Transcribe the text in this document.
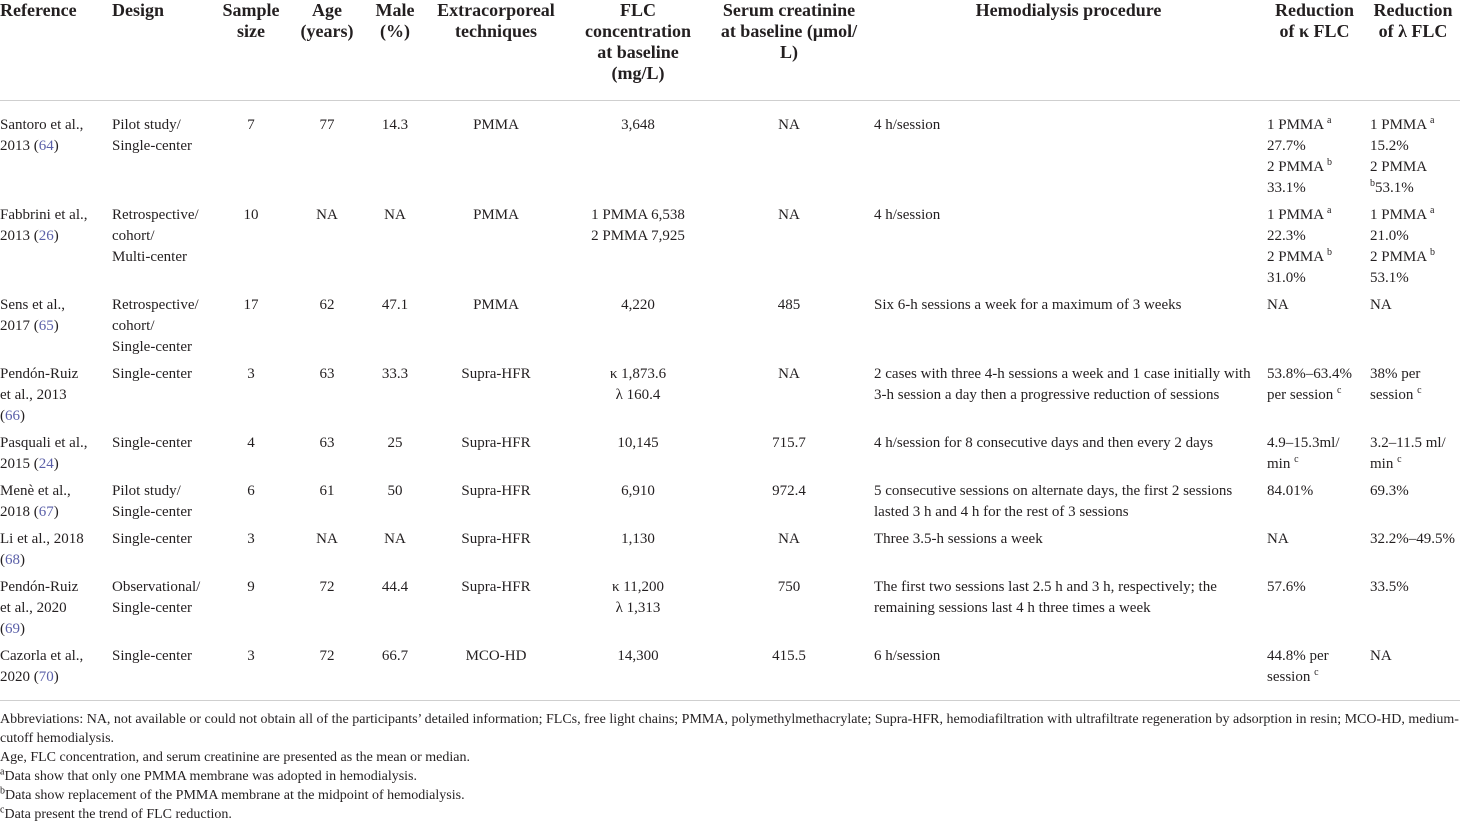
Reference	Design	Sample
size	Age
(years)	Male
(%)	Extracorporeal
techniques	FLC
concentration
at baseline
(mg/L)	Serum creatinine
at baseline (µmol/
L)	Hemodialysis procedure	Reduction
of κ FLC	Reduction
of λ FLC

Santoro et al.,
2013 (64)	Pilot study/
Single-center	7	77	14.3	PMMA	3,648	NA	4 h/session	1 PMMA $^a$
27.7%
2 PMMA $^b$
33.1%	1 PMMA $^a$
15.2%
2 PMMA
$^b$53.1%

Fabbrini et al.,
2013 (26)	Retrospective/
cohort/
Multi-center	10	NA	NA	PMMA	1 PMMA 6,538
2 PMMA 7,925	NA	4 h/session	1 PMMA $^a$
22.3%
2 PMMA $^b$
31.0%	1 PMMA $^a$
21.0%
2 PMMA $^b$
53.1%

Sens et al.,
2017 (65)	Retrospective/
cohort/
Single-center	17	62	47.1	PMMA	4,220	485	Six 6-h sessions a week for a maximum of 3 weeks	NA	NA

Pendón-Ruiz
et al., 2013
(66)	Single-center	3	63	33.3	Supra-HFR	κ 1,873.6
λ 160.4	NA	2 cases with three 4-h sessions a week and 1 case initially with 3-h session a day then a progressive reduction of sessions	53.8%–63.4%
per session $^c$	38% per
session $^c$

Pasquali et al.,
2015 (24)	Single-center	4	63	25	Supra-HFR	10,145	715.7	4 h/session for 8 consecutive days and then every 2 days	4.9–15.3ml/
min $^c$	3.2–11.5 ml/
min $^c$

Menè et al.,
2018 (67)	Pilot study/
Single-center	6	61	50	Supra-HFR	6,910	972.4	5 consecutive sessions on alternate days, the first 2 sessions lasted 3 h and 4 h for the rest of 3 sessions	84.01%	69.3%

Li et al., 2018
(68)	Single-center	3	NA	NA	Supra-HFR	1,130	NA	Three 3.5-h sessions a week	NA	32.2%–49.5%

Pendón-Ruiz
et al., 2020
(69)	Observational/
Single-center	9	72	44.4	Supra-HFR	κ 11,200
λ 1,313	750	The first two sessions last 2.5 h and 3 h, respectively; the remaining sessions last 4 h three times a week	57.6%	33.5%

Cazorla et al.,
2020 (70)	Single-center	3	72	66.7	MCO-HD	14,300	415.5	6 h/session	44.8% per
session $^c$	NA

Abbreviations: NA, not available or could not obtain all of the participants’ detailed information; FLCs, free light chains; PMMA, polymethylmethacrylate; Supra-HFR, hemodiafiltration with ultrafiltrate regeneration by adsorption in resin; MCO-HD, medium-cutoff hemodialysis.

Age, FLC concentration, and serum creatinine are presented as the mean or median.

$^a$Data show that only one PMMA membrane was adopted in hemodialysis.

$^b$Data show replacement of the PMMA membrane at the midpoint of hemodialysis.

$^c$Data present the trend of FLC reduction.
